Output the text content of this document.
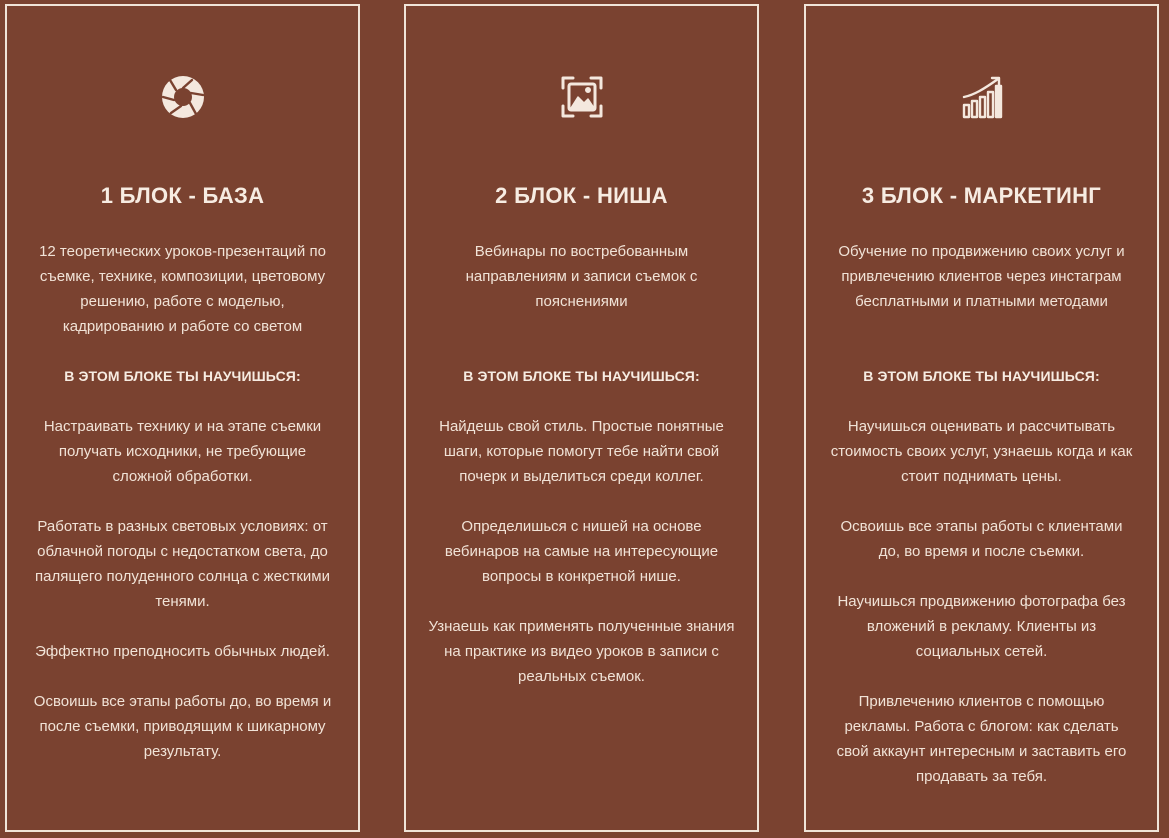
1 БЛОК - БАЗА
12 теоретических уроков-презентаций по съемке, технике, композиции, цветовому решению, работе с моделью, кадрированию и работе со светом
В ЭТОМ БЛОКЕ ТЫ НАУЧИШЬСЯ:

Настраивать технику и на этапе съемки получать исходники, не требующие сложной обработки.

Работать в разных световых условиях: от облачной погоды с недостатком света, до палящего полуденного солнца с жесткими тенями.

Эффектно преподносить обычных людей.

Освоишь все этапы работы до, во время и после съемки, приводящим к шикарному результату.

2 БЛОК - НИША
Вебинары по востребованным направлениям и записи съемок с пояснениями
В ЭТОМ БЛОКЕ ТЫ НАУЧИШЬСЯ:

Найдешь свой стиль. Простые понятные шаги, которые помогут тебе найти свой почерк и выделиться среди коллег.

Определишься с нишей на основе вебинаров на самые на интересующие вопросы в конкретной нише.

Узнаешь как применять полученные знания на практике из видео уроков в записи с реальных съемок.

3 БЛОК - МАРКЕТИНГ
Обучение по продвижению своих услуг и привлечению клиентов через инстаграм бесплатными и платными методами
В ЭТОМ БЛОКЕ ТЫ НАУЧИШЬСЯ:

Научишься оценивать и рассчитывать стоимость своих услуг, узнаешь когда и как стоит поднимать цены.

Освоишь все этапы работы с клиентами до, во время и после съемки.

Научишься продвижению фотографа без вложений в рекламу. Клиенты из социальных сетей.

Привлечению клиентов с помощью рекламы. Работа с блогом: как сделать свой аккаунт интересным и заставить его продавать за тебя.
